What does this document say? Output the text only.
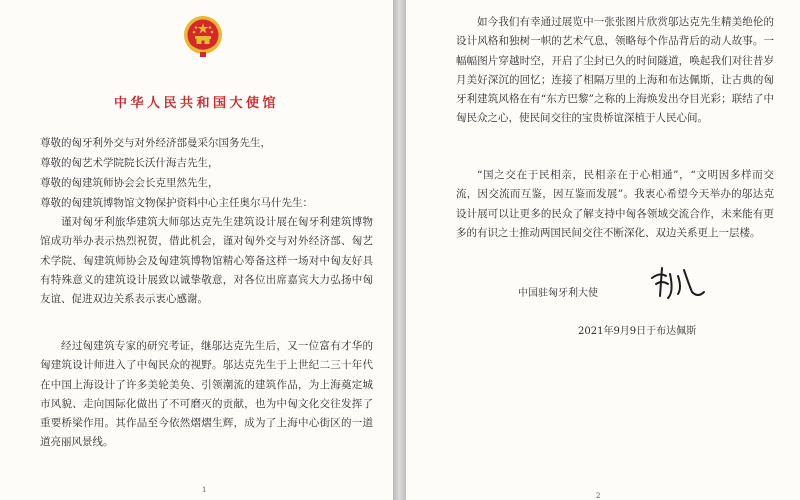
中华人民共和国大使馆
尊敬的匈牙利外交与对外经济部曼采尔国务先生，
尊敬的匈艺术学院院长沃什海吉先生，
尊敬的匈建筑师协会会长克里然先生，
尊敬的匈建筑博物馆文物保护资料中心主任奥尔马什先生：

谨对匈牙利旅华建筑大师邬达克先生建筑设计展在匈牙利建筑博物馆成功举办表示热烈祝贺，借此机会，谨对匈外交与对外经济部、匈艺术学院、匈建筑师协会及匈建筑博物馆精心筹备这样一场对中匈友好具有特殊意义的建筑设计展致以诚挚敬意，对各位出席嘉宾大力弘扬中匈友谊、促进双边关系表示衷心感谢。

经过匈建筑专家的研究考证，继邬达克先生后，又一位富有才华的匈建筑设计师进入了中匈民众的视野。邬达克先生于上世纪二三十年代在中国上海设计了许多美轮美奂、引领潮流的建筑作品，为上海奠定城市风貌、走向国际化做出了不可磨灭的贡献，也为中匈文化交往发挥了重要桥梁作用。其作品至今依然熠熠生辉，成为了上海中心街区的一道道亮丽风景线。

1

如今我们有幸通过展览中一张张图片欣赏邬达克先生精美绝伦的设计风格和独树一帜的艺术气息，领略每个作品背后的动人故事。一幅幅图片穿越时空，开启了尘封已久的时间隧道，唤起我们对往昔岁月美好深沉的回忆；连接了相隔万里的上海和布达佩斯，让古典的匈牙利建筑风格在有“东方巴黎”之称的上海焕发出夺目光彩；联结了中匈民众之心，使民间交往的宝贵桥谊深植于人民心间。

“国之交在于民相亲，民相亲在于心相通”，“文明因多样而交流，因交流而互鉴，因互鉴而发展”。我衷心希望今天举办的邬达克设计展可以让更多的民众了解支持中匈各领域交流合作，未来能有更多的有识之士推动两国民间交往不断深化、双边关系更上一层楼。

2
中国驻匈牙利大使
2021年9月9日于布达佩斯
